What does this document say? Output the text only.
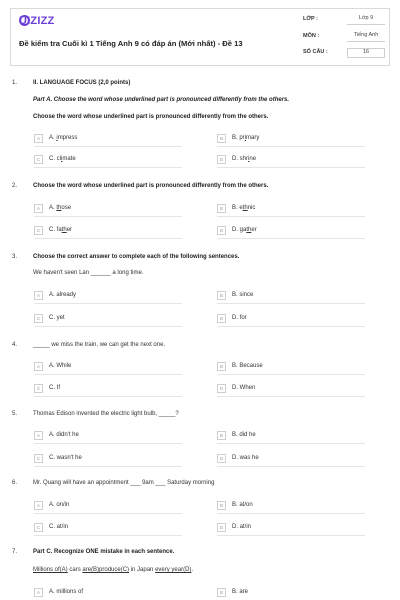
UIZIZZ
Đề kiểm tra Cuối kì 1 Tiếng Anh 9 có đáp án (Mới nhất) - Đề 13
LỚP :	Lớp 9
MÔN :	Tiếng Anh
SỐ CÂU :	16
1.	II. LANGUAGE FOCUS (2,0 points)
Part A. Choose the word whose underlined part is pronounced differently from the others.
Choose the word whose underlined part is pronounced differently from the others.
A	A. impress	B	B. primary
C	C. climate	D	D. shrine
2.	Choose the word whose underlined part is pronounced differently from the others.
A	A. those	B	B. ethnic
C	C. father	D	D. gather
3.	Choose the correct answer to complete each of the following sentences.
We haven't seen Lan ______ a long time.
A	A. already	B	B. since
C	C. yet	D	D. for
4.	_____ we miss the train, we can get the next one.
A	A. While	B	B. Because
C	C. If	D	D. When
5.	Thomas Edison invented the electric light bulb, _____?
A	A. didn't he	B	B. did he
C	C. wasn't he	D	D. was he
6.	Mr. Quang will have an appointment ___ 9am ___ Saturday morning
A	A. on/in	B	B. at/on
C	C. at/in	D	D. at/in
7.	Part C. Recognize ONE mistake in each sentence.
Millions of(A) cars are(B)produce(C) in Japan every year(D).
A	A. millions of	B	B. are
